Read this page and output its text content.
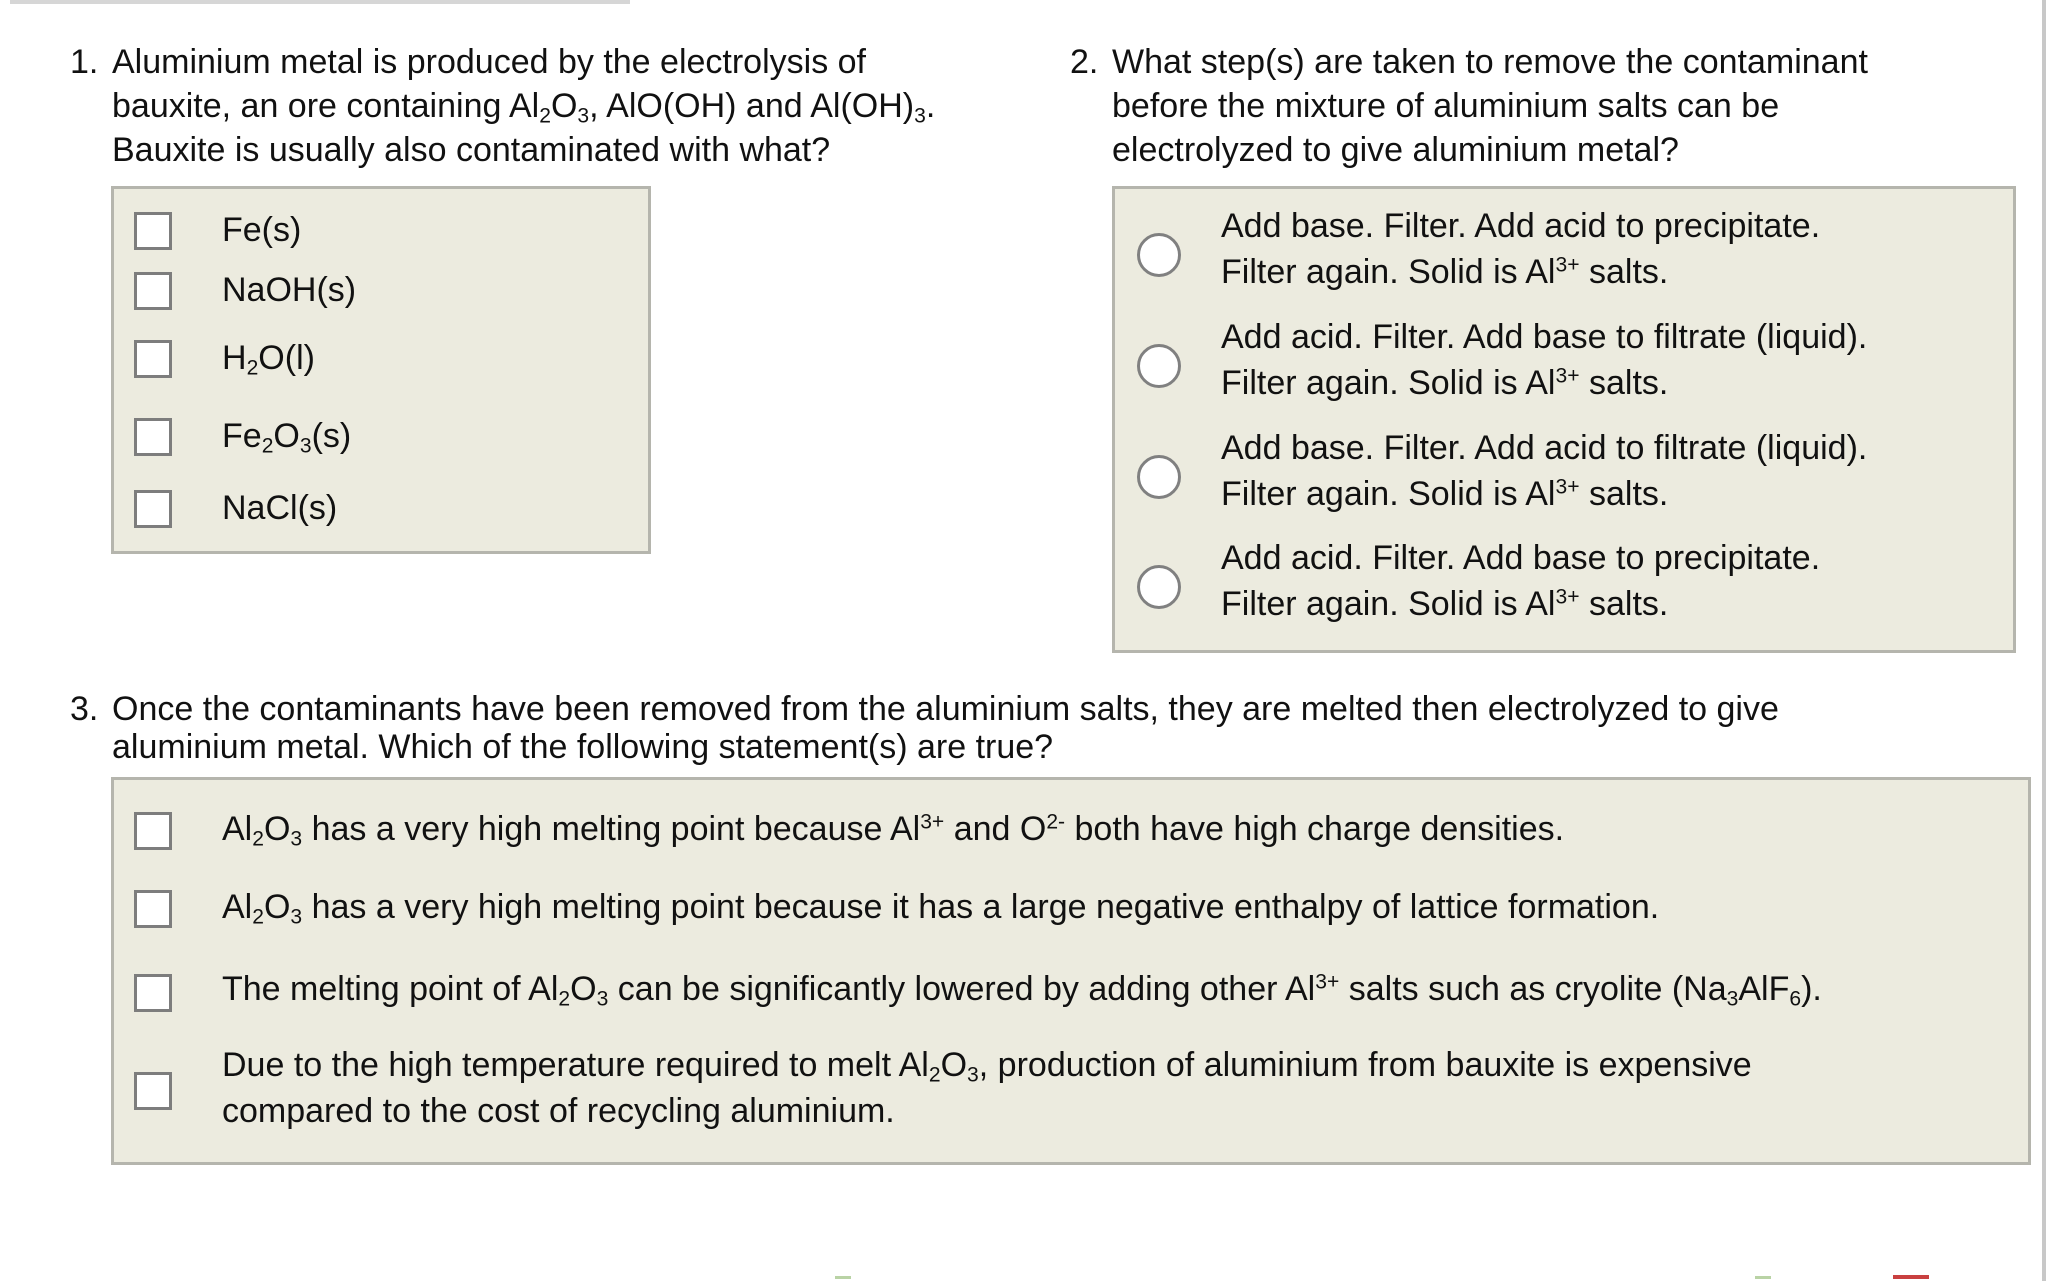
1. Aluminium metal is produced by the electrolysis of
bauxite, an ore containing $Al_2O_3$, AlO(OH) and $Al(OH)_3$.
Bauxite is usually also contaminated with what?
Fe(s)
NaOH(s)
$H_2O(l)$
$Fe_2O_3(s)$
NaCl(s)
2. What step(s) are taken to remove the contaminant
before the mixture of aluminium salts can be
electrolyzed to give aluminium metal?
Add base. Filter. Add acid to precipitate.
Filter again. Solid is $Al^{3+}$ salts.
Add acid. Filter. Add base to filtrate (liquid).
Filter again. Solid is $Al^{3+}$ salts.
Add base. Filter. Add acid to filtrate (liquid).
Filter again. Solid is $Al^{3+}$ salts.
Add acid. Filter. Add base to precipitate.
Filter again. Solid is $Al^{3+}$ salts.
3. Once the contaminants have been removed from the aluminium salts, they are melted then electrolyzed to give
aluminium metal. Which of the following statement(s) are true?
$Al_2O_3$ has a very high melting point because $Al^{3+}$ and $O^{2-}$ both have high charge densities.
$Al_2O_3$ has a very high melting point because it has a large negative enthalpy of lattice formation.
The melting point of $Al_2O_3$ can be significantly lowered by adding other $Al^{3+}$ salts such as cryolite $(Na_3AlF_6)$.
Due to the high temperature required to melt $Al_2O_3$, production of aluminium from bauxite is expensive
compared to the cost of recycling aluminium.
